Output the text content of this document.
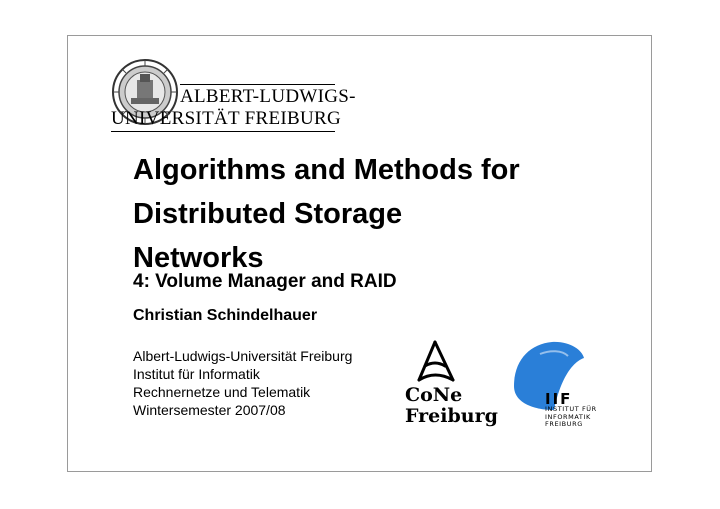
ALBERT-LUDWIGS-
UNIVERSITÄT FREIBURG
Algorithms and Methods for
Distributed Storage
Networks
4: Volume Manager and RAID
Christian Schindelhauer
Albert-Ludwigs-Universität Freiburg
Institut für Informatik
Rechnernetze und Telematik
Wintersemester 2007/08
CoNe
Freiburg
IIF
INSTITUT FÜR
INFORMATIK
FREIBURG
